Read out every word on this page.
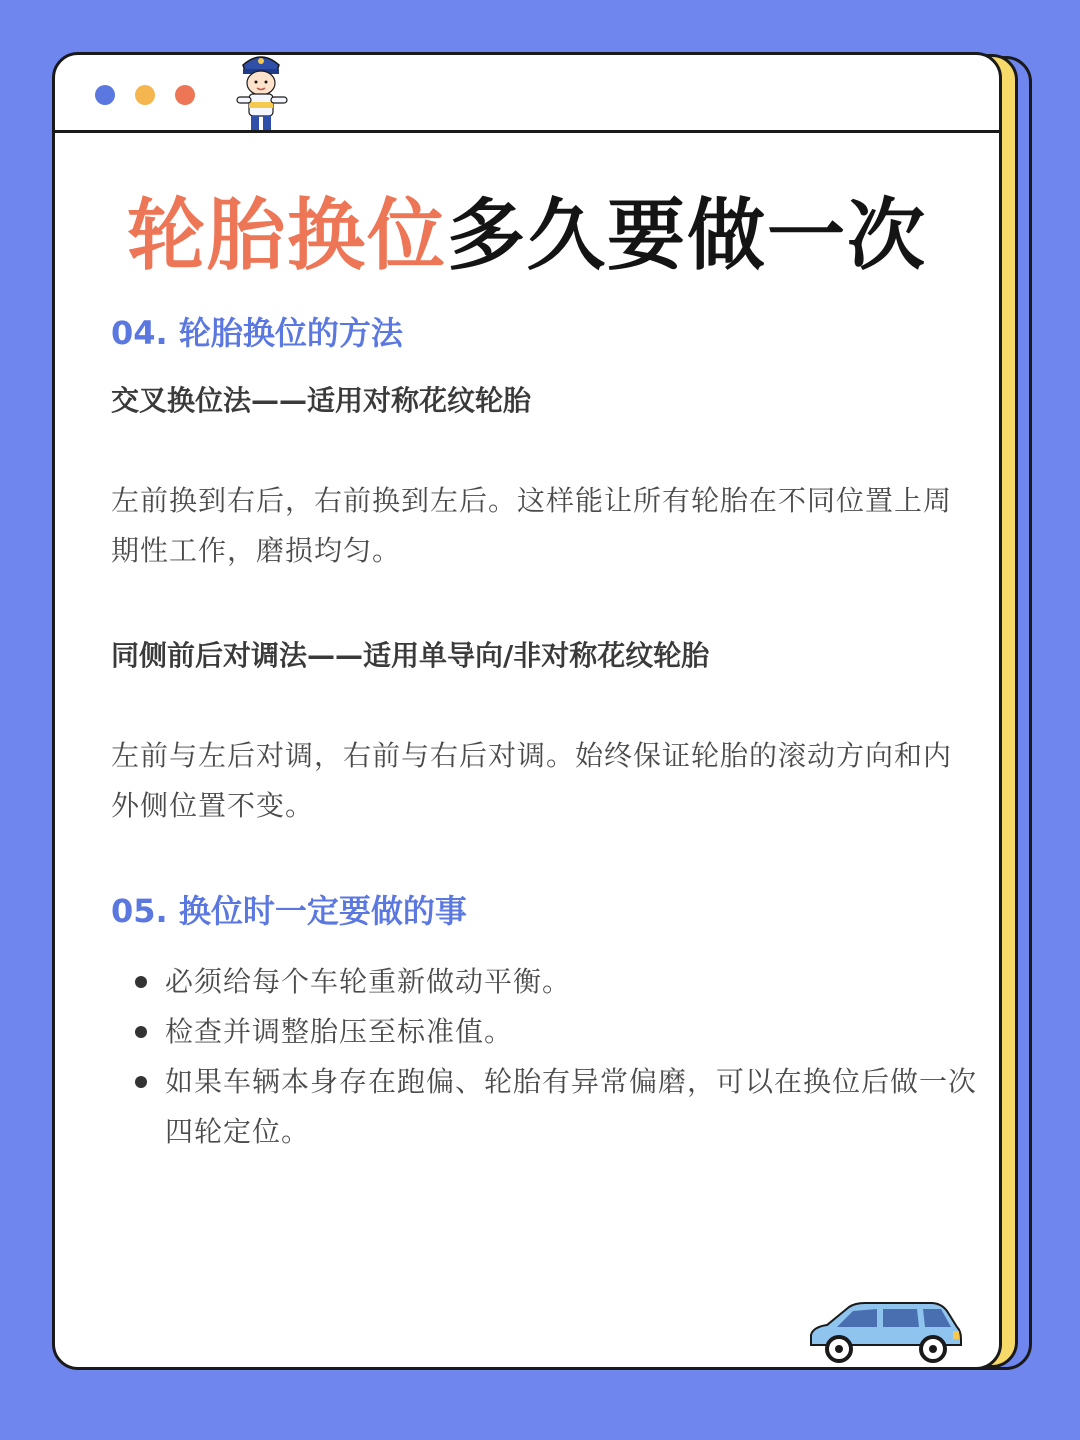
轮胎换位多久要做一次
04. 轮胎换位的方法

交叉换位法——适用对称花纹轮胎

左前换到右后，右前换到左后。这样能让所有轮胎在不同位置上周期性工作，磨损均匀。

同侧前后对调法——适用单导向/非对称花纹轮胎

左前与左后对调，右前与右后对调。始终保证轮胎的滚动方向和内外侧位置不变。

05. 换位时一定要做的事
必须给每个车轮重新做动平衡。
检查并调整胎压至标准值。
如果车辆本身存在跑偏、轮胎有异常偏磨，可以在换位后做一次四轮定位。
